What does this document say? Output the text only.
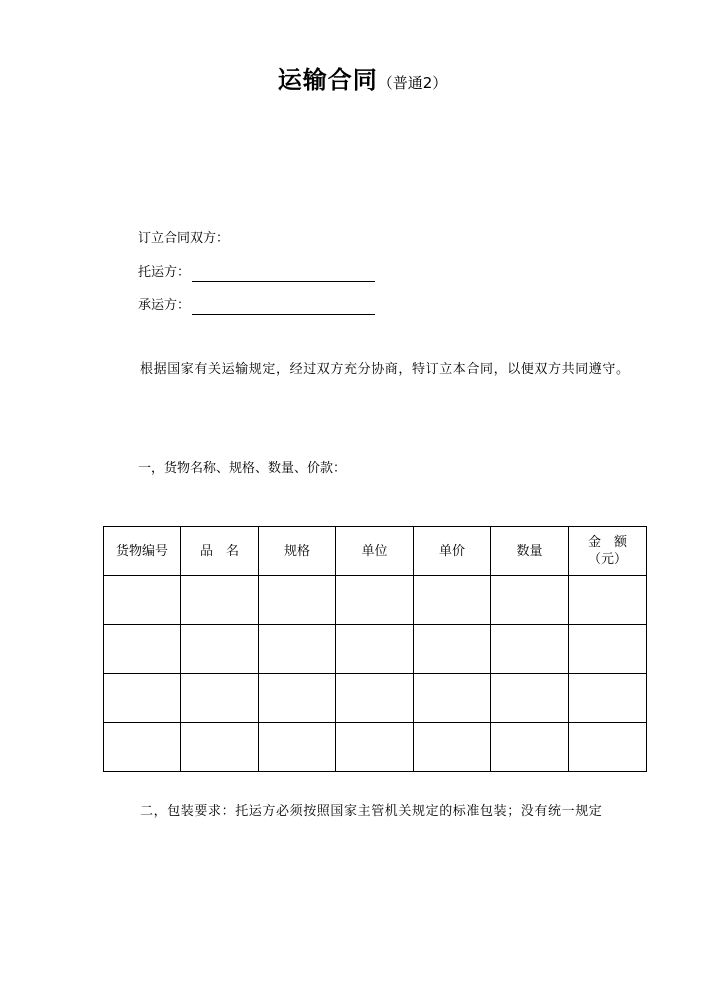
运输合同（普通2）
订立合同双方：
托运方：
承运方：
根据国家有关运输规定，经过双方充分协商，特订立本合同，以便双方共同遵守。
一，货物名称、规格、数量、价款：
货物编号	品　名	规格	单位	单价	数量	金　额
（元）

二，包装要求：托运方必须按照国家主管机关规定的标准包装；没有统一规定
